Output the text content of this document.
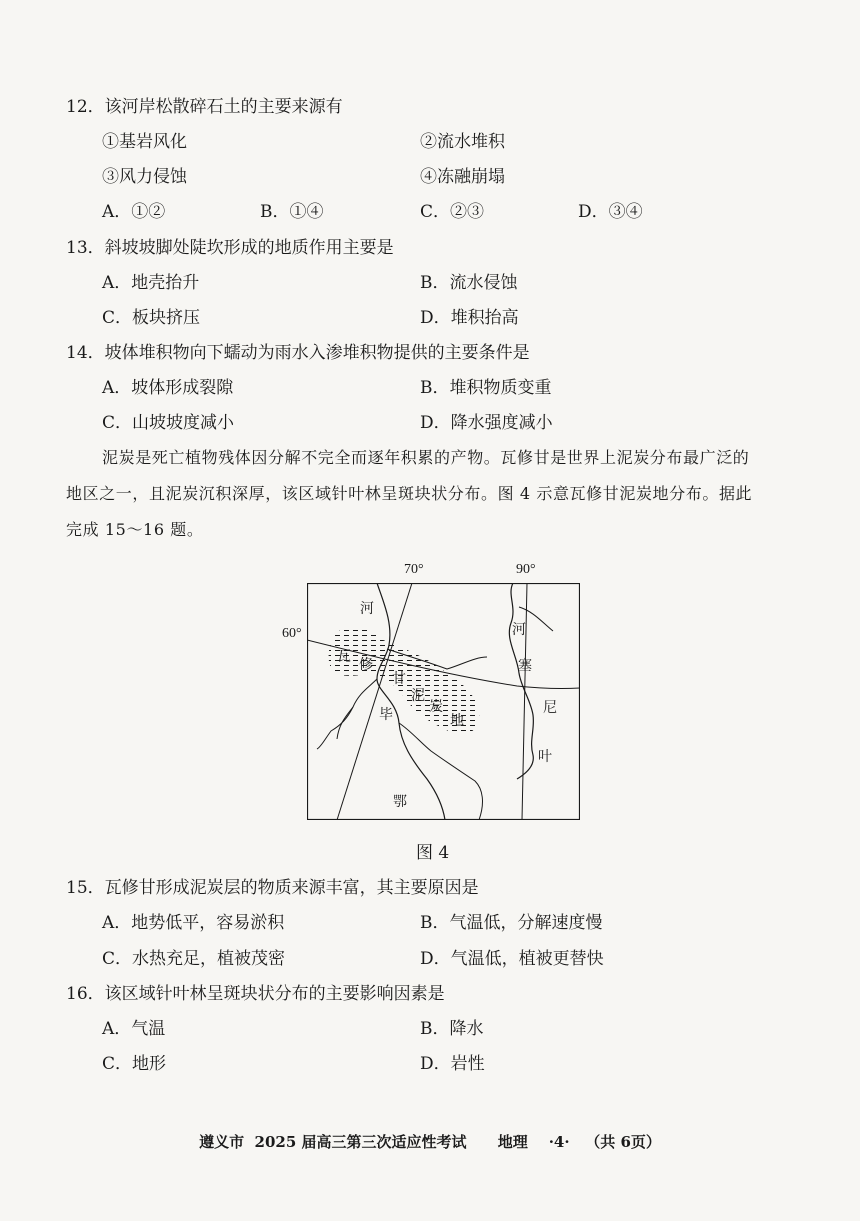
12．该河岸松散碎石土的主要来源有
①基岩风化	②流水堆积
③风力侵蚀	④冻融崩塌
A．①②	B．①④	C．②③	D．③④
13．斜坡坡脚处陡坎形成的地质作用主要是
A．地壳抬升	B．流水侵蚀
C．板块挤压	D．堆积抬高
14．坡体堆积物向下蠕动为雨水入渗堆积物提供的主要条件是
A．坡体形成裂隙	B．堆积物质变重
C．山坡坡度减小	D．降水强度减小
泥炭是死亡植物残体因分解不完全而逐年积累的产物。瓦修甘是世界上泥炭分布最广泛的
地区之一，且泥炭沉积深厚，该区域针叶林呈斑块状分布。图 4 示意瓦修甘泥炭地分布。据此
完成 15～16 题。
70°	90°
60°
河
河
瓦 修
甘
泥
炭
地
毕
鄂
塞
尼
叶
图 4
15．瓦修甘形成泥炭层的物质来源丰富，其主要原因是
A．地势低平，容易淤积	B．气温低，分解速度慢
C．水热充足，植被茂密	D．气温低，植被更替快
16．该区域针叶林呈斑块状分布的主要影响因素是
A．气温	B．降水
C．地形	D．岩性
遵义市  2025 届高三第三次适应性考试      地理    ·4·   （共 6页）
